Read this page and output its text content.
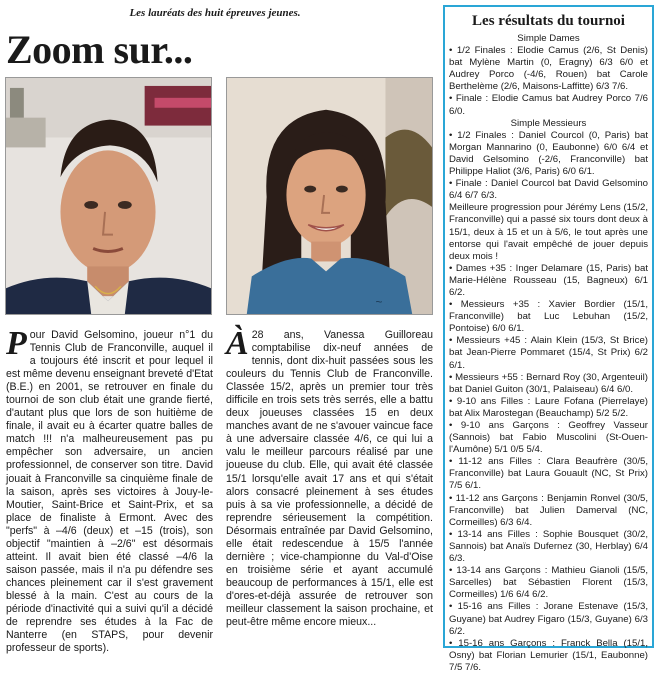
Les lauréats des huit épreuves jeunes.
Zoom sur...
~
Pour David Gelsomino, joueur n°1 du Tennis Club de Franconville, auquel il a toujours été inscrit et pour lequel il est même devenu enseignant breveté d'Etat (B.E.) en 2001, se retrouver en finale du tournoi de son club était une grande fierté, d'autant plus que lors de son huitième de finale, il avait eu à écarter quatre balles de match !!! n'a malheureusement pas pu empêcher son adversaire, un ancien professionnel, de conserver son titre. David jouait à Franconville sa cinquième finale de la saison, après ses victoires à Jouy-le-Moutier, Saint-Brice et Saint-Prix, et sa place de finaliste à Ermont. Avec des "perfs" à –4/6 (deux) et –15 (trois), son objectif "maintien à –2/6" est désormais atteint. Il avait bien été classé –4/6 la saison passée, mais il n'a pu défendre ses chances pleinement car il s'est gravement blessé à la main. C'est au cours de la période d'inactivité qui a suivi qu'il a décidé de reprendre ses études à la Fac de Nanterre (en STAPS, pour devenir professeur de sports).
À 28 ans, Vanessa Guilloreau comptabilise dix-neuf années de tennis, dont dix-huit passées sous les couleurs du Tennis Club de Franconville. Classée 15/2, après un premier tour très difficile en trois sets très serrés, elle a battu deux joueuses classées 15 en deux manches avant de ne s'avouer vaincue face à une adversaire classée 4/6, ce qui lui a valu le meilleur parcours réalisé par une joueuse du club. Elle, qui avait été classée 15/1 lorsqu'elle avait 17 ans et qui s'était alors consacré pleinement à ses études puis à sa vie professionnelle, a décidé de reprendre sérieusement la compétition. Désormais entraînée par David Gelsomino, elle était redescendue à 15/5 l'année dernière ; vice-championne du Val-d'Oise en troisième série et ayant accumulé beaucoup de performances à 15/1, elle est d'ores-et-déjà assurée de retrouver son meilleur classement la saison prochaine, et peut-être même encore mieux...
Les résultats du tournoi
Simple Dames
• 1/2 Finales : Elodie Camus (2/6, St Denis) bat Mylène Martin (0, Eragny) 6/3 6/0 et Audrey Porco (-4/6, Rouen) bat Carole Berthelème (2/6, Maisons-Laffitte) 6/3 7/6.
• Finale : Elodie Camus bat Audrey Porco 7/6 6/0.
Simple Messieurs
• 1/2 Finales : Daniel Courcol (0, Paris) bat Morgan Mannarino (0, Eaubonne) 6/0 6/4 et David Gelsomino (-2/6, Franconville) bat Philippe Haliot (3/6, Paris) 6/0 6/1.
• Finale : Daniel Courcol bat David Gelsomino 6/4 6/7 6/3.
Meilleure progression pour Jérémy Lens (15/2, Franconville) qui a passé six tours dont deux à 15/1, deux à 15 et un à 5/6, le tout après une entorse qui l'avait empêché de jouer depuis deux mois !
• Dames +35 : Inger Delamare (15, Paris) bat Marie-Hélène Rousseau (15, Bagneux) 6/1 6/2.
• Messieurs +35 : Xavier Bordier (15/1, Franconville) bat Luc Lebuhan (15/2, Pontoise) 6/0 6/1.
• Messieurs +45 : Alain Klein (15/3, St Brice) bat Jean-Pierre Pommaret (15/4, St Prix) 6/2 6/1.
• Messieurs +55 : Bernard Roy (30, Argenteuil) bat Daniel Guiton (30/1, Palaiseau) 6/4 6/0.
• 9-10 ans Filles : Laure Fofana (Pierrelaye) bat Alix Marostegan (Beauchamp) 5/2 5/2.
• 9-10 ans Garçons : Geoffrey Vasseur (Sannois) bat Fabio Muscolini (St-Ouen-l'Aumône) 5/1 0/5 5/4.
• 11-12 ans Filles : Clara Beaufrère (30/5, Franconville) bat Laura Gouault (NC, St Prix) 7/5 6/1.
• 11-12 ans Garçons : Benjamin Ronvel (30/5, Franconville) bat Julien Damerval (NC, Cormeilles) 6/3 6/4.
• 13-14 ans Filles : Sophie Bousquet (30/2, Sannois) bat Anaïs Dufernez (30, Herblay) 6/4 6/3.
• 13-14 ans Garçons : Mathieu Gianoli (15/5, Sarcelles) bat Sébastien Florent (15/3, Cormeilles) 1/6 6/4 6/2.
• 15-16 ans Filles : Jorane Estenave (15/3, Guyane) bat Audrey Figaro (15/3, Guyane) 6/3 6/2.
• 15-16 ans Garçons : Franck Bella (15/1, Osny) bat Florian Lemurier (15/1, Eaubonne) 7/5 7/6.
